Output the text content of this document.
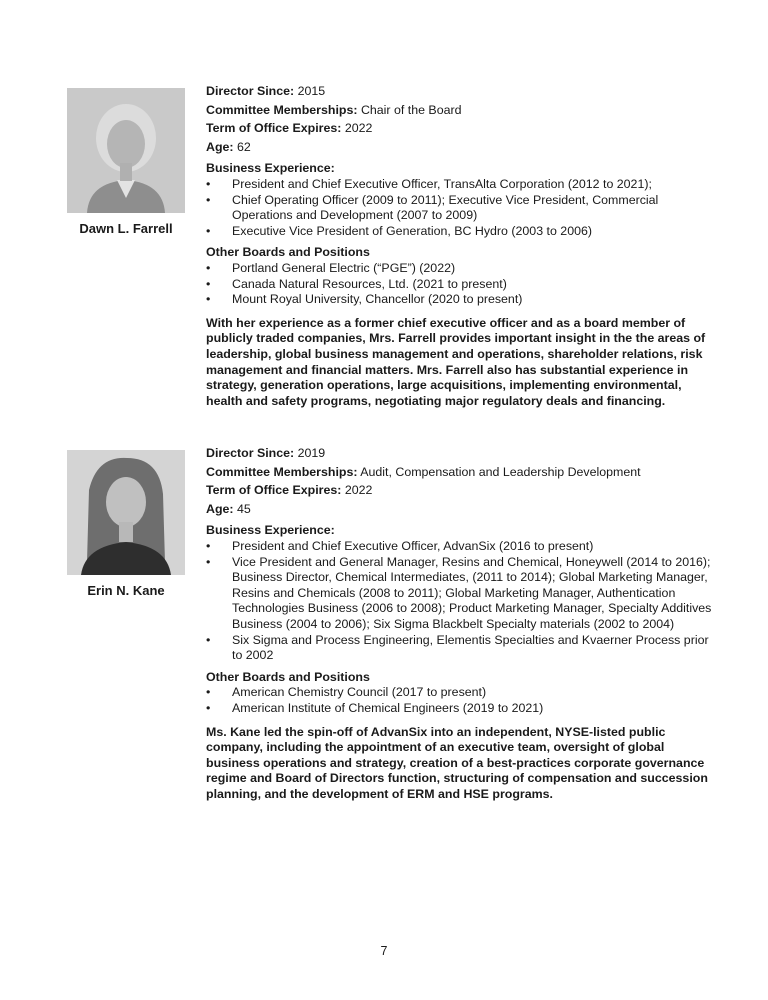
Dawn L. Farrell
Director Since: 2015
Committee Memberships: Chair of the Board
Term of Office Expires: 2022
Age: 62
Business Experience:
• President and Chief Executive Officer, TransAlta Corporation (2012 to 2021);
• Chief Operating Officer (2009 to 2011); Executive Vice President, Commercial Operations and Development (2007 to 2009)
• Executive Vice President of Generation, BC Hydro (2003 to 2006)
Other Boards and Positions
• Portland General Electric (“PGE”) (2022)
• Canada Natural Resources, Ltd. (2021 to present)
• Mount Royal University, Chancellor (2020 to present)
With her experience as a former chief executive officer and as a board member of publicly traded companies, Mrs. Farrell provides important insight in the the areas of leadership, global business management and operations, shareholder relations, risk management and financial matters. Mrs. Farrell also has substantial experience in strategy, generation operations, large acquisitions, implementing environmental, health and safety programs, negotiating major regulatory deals and financing.
Erin N. Kane
Director Since: 2019
Committee Memberships: Audit, Compensation and Leadership Development
Term of Office Expires: 2022
Age: 45
Business Experience:
• President and Chief Executive Officer, AdvanSix (2016 to present)
• Vice President and General Manager, Resins and Chemical, Honeywell (2014 to 2016); Business Director, Chemical Intermediates, (2011 to 2014); Global Marketing Manager, Resins and Chemicals (2008 to 2011); Global Marketing Manager, Authentication Technologies Business (2006 to 2008); Product Marketing Manager, Specialty Additives Business (2004 to 2006); Six Sigma Blackbelt Specialty materials (2002 to 2004)
• Six Sigma and Process Engineering, Elementis Specialties and Kvaerner Process prior to 2002
Other Boards and Positions
• American Chemistry Council (2017 to present)
• American Institute of Chemical Engineers (2019 to 2021)
Ms. Kane led the spin-off of AdvanSix into an independent, NYSE-listed public company, including the appointment of an executive team, oversight of global business operations and strategy, creation of a best-practices corporate governance regime and Board of Directors function, structuring of compensation and succession planning, and the development of ERM and HSE programs.
7
